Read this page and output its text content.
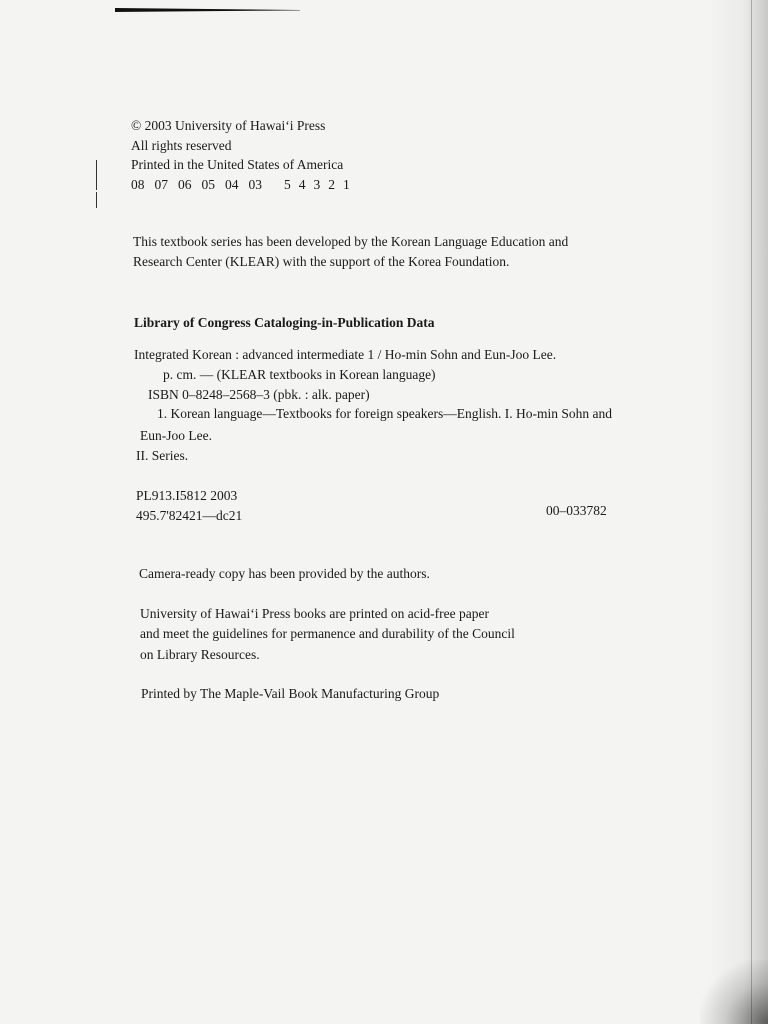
© 2003 University of Hawai‘i Press
All rights reserved
Printed in the United States of America
08 07 06 05 04 03 5 4 3 2 1
This textbook series has been developed by the Korean Language Education and
Research Center (KLEAR) with the support of the Korea Foundation.
Library of Congress Cataloging-in-Publication Data
Integrated Korean : advanced intermediate 1 / Ho-min Sohn and Eun-Joo Lee.
p. cm. — (KLEAR textbooks in Korean language)
ISBN 0–8248–2568–3 (pbk. : alk. paper)
1. Korean language—Textbooks for foreign speakers—English. I. Ho-min Sohn and
Eun-Joo Lee.
II. Series.
PL913.I5812 2003
495.7'82421—dc21	00–033782
Camera-ready copy has been provided by the authors.
University of Hawai‘i Press books are printed on acid-free paper
and meet the guidelines for permanence and durability of the Council
on Library Resources.
Printed by The Maple-Vail Book Manufacturing Group
